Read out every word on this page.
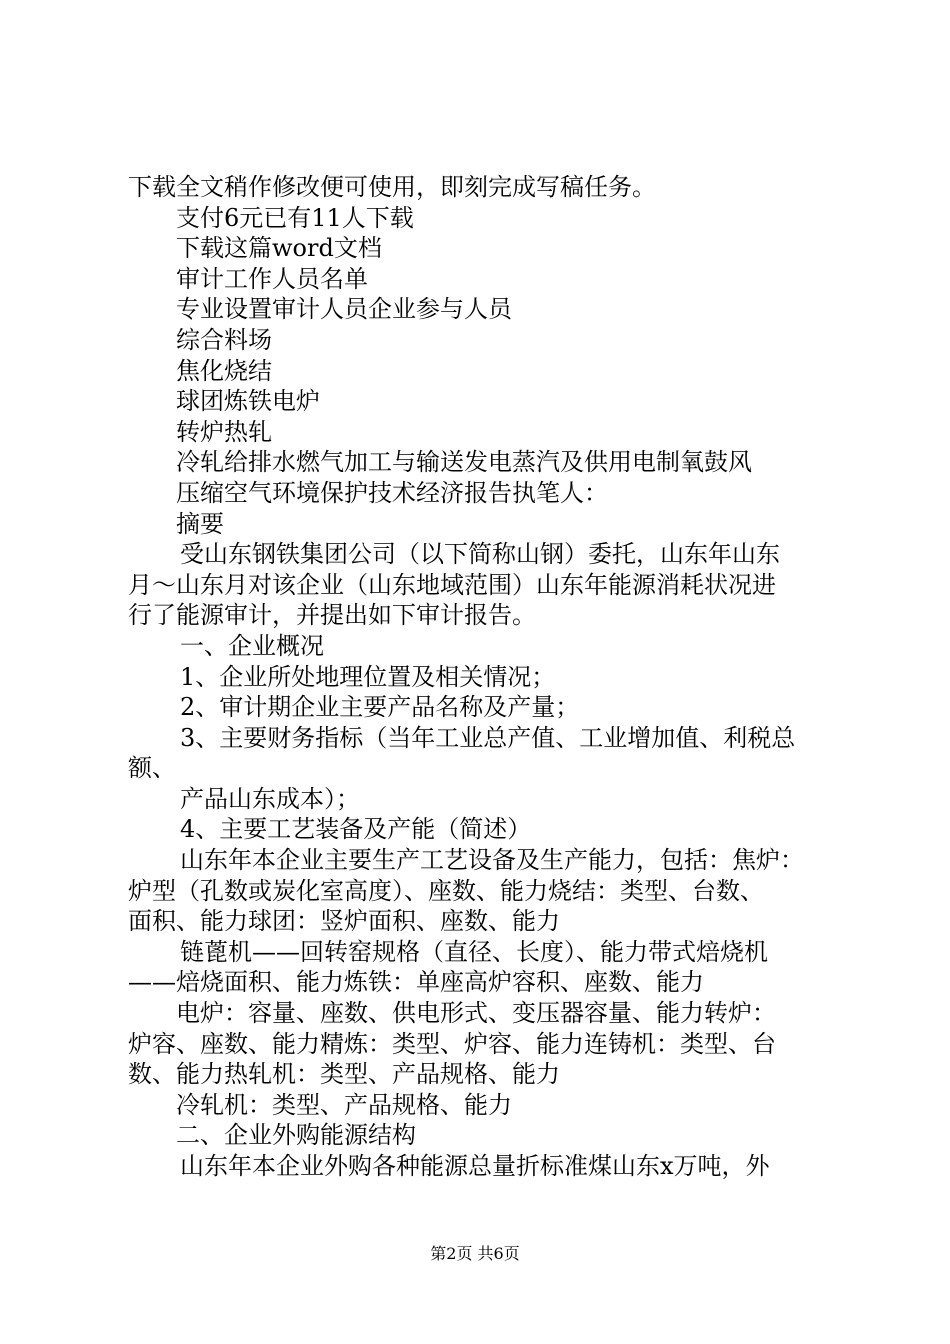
下载全文稍作修改便可使用，即刻完成写稿任务。
支付6元已有11人下载
下载这篇word文档
审计工作人员名单
专业设置审计人员企业参与人员
综合料场
焦化烧结
球团炼铁电炉
转炉热轧
冷轧给排水燃气加工与输送发电蒸汽及供用电制氧鼓风
压缩空气环境保护技术经济报告执笔人：
摘要
受山东钢铁集团公司（以下简称山钢）委托，山东年山东
月～山东月对该企业（山东地域范围）山东年能源消耗状况进
行了能源审计，并提出如下审计报告。
一、企业概况
1、企业所处地理位置及相关情况；
2、审计期企业主要产品名称及产量；
3、主要财务指标（当年工业总产值、工业增加值、利税总
额、
产品山东成本）；
4、主要工艺装备及产能（简述）
山东年本企业主要生产工艺设备及生产能力，包括：焦炉：
炉型（孔数或炭化室高度）、座数、能力烧结：类型、台数、
面积、能力球团：竖炉面积、座数、能力
链蓖机——回转窑规格（直径、长度）、能力带式焙烧机
——焙烧面积、能力炼铁：单座高炉容积、座数、能力
电炉：容量、座数、供电形式、变压器容量、能力转炉：
炉容、座数、能力精炼：类型、炉容、能力连铸机：类型、台
数、能力热轧机：类型、产品规格、能力
冷轧机：类型、产品规格、能力
二、企业外购能源结构
山东年本企业外购各种能源总量折标准煤山东x万吨，外
第2页 共6页
